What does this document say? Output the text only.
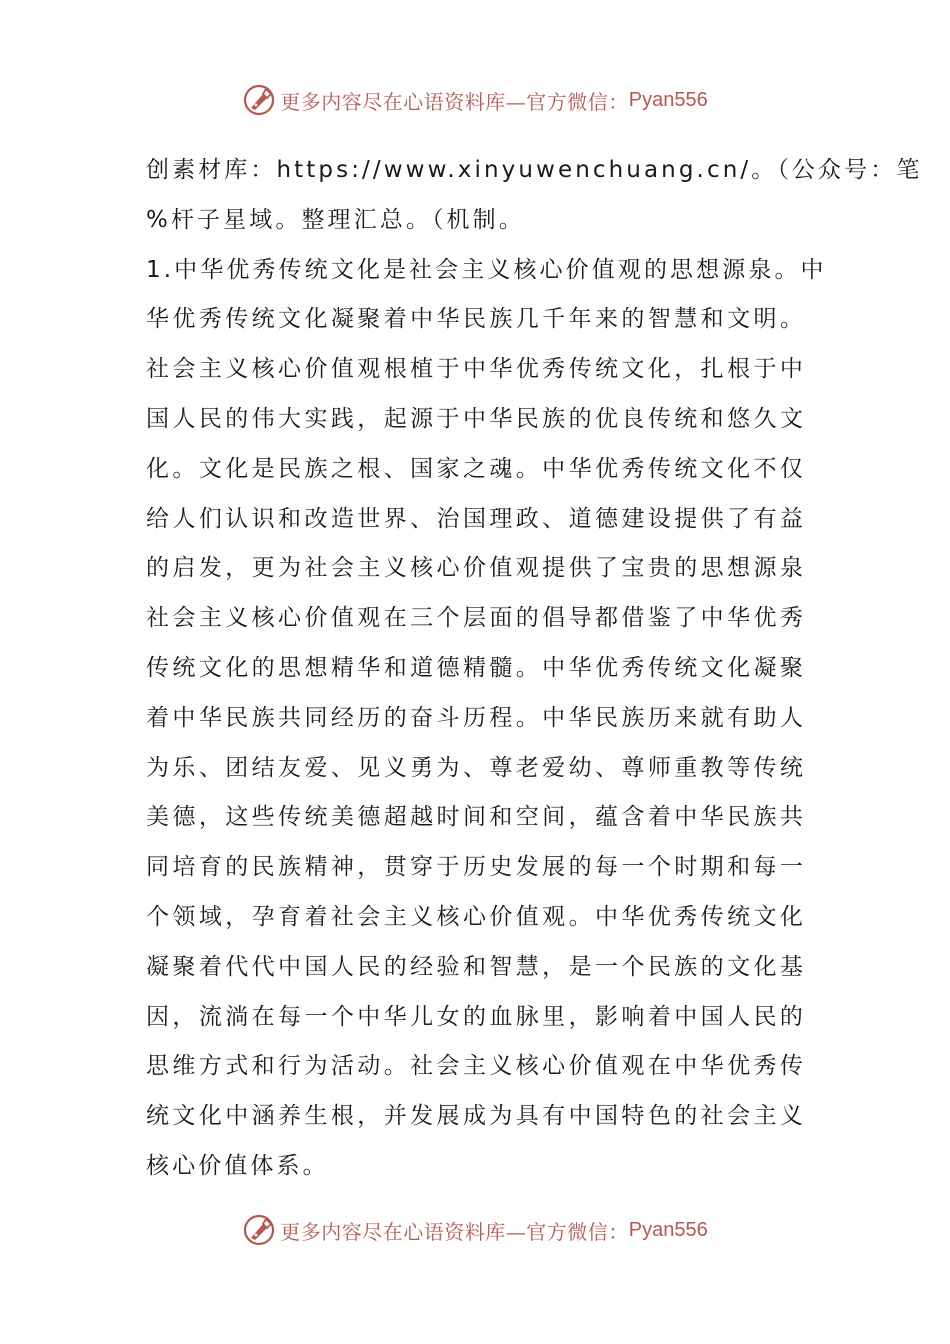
更多内容尽在心语资料库—官方微信： Pyan556
创素材库：https://www.xinyuwenchuang.cn/。（公众号：笔
%杆子星域。整理汇总。（机制。
1.中华优秀传统文化是社会主义核心价值观的思想源泉。中
华优秀传统文化凝聚着中华民族几千年来的智慧和文明。
社会主义核心价值观根植于中华优秀传统文化，扎根于中
国人民的伟大实践，起源于中华民族的优良传统和悠久文
化。文化是民族之根、国家之魂。中华优秀传统文化不仅
给人们认识和改造世界、治国理政、道德建设提供了有益
的启发，更为社会主义核心价值观提供了宝贵的思想源泉
社会主义核心价值观在三个层面的倡导都借鉴了中华优秀
传统文化的思想精华和道德精髓。中华优秀传统文化凝聚
着中华民族共同经历的奋斗历程。中华民族历来就有助人
为乐、团结友爱、见义勇为、尊老爱幼、尊师重教等传统
美德，这些传统美德超越时间和空间，蕴含着中华民族共
同培育的民族精神，贯穿于历史发展的每一个时期和每一
个领域，孕育着社会主义核心价值观。中华优秀传统文化
凝聚着代代中国人民的经验和智慧，是一个民族的文化基
因，流淌在每一个中华儿女的血脉里，影响着中国人民的
思维方式和行为活动。社会主义核心价值观在中华优秀传
统文化中涵养生根，并发展成为具有中国特色的社会主义
核心价值体系。
更多内容尽在心语资料库—官方微信： Pyan556
